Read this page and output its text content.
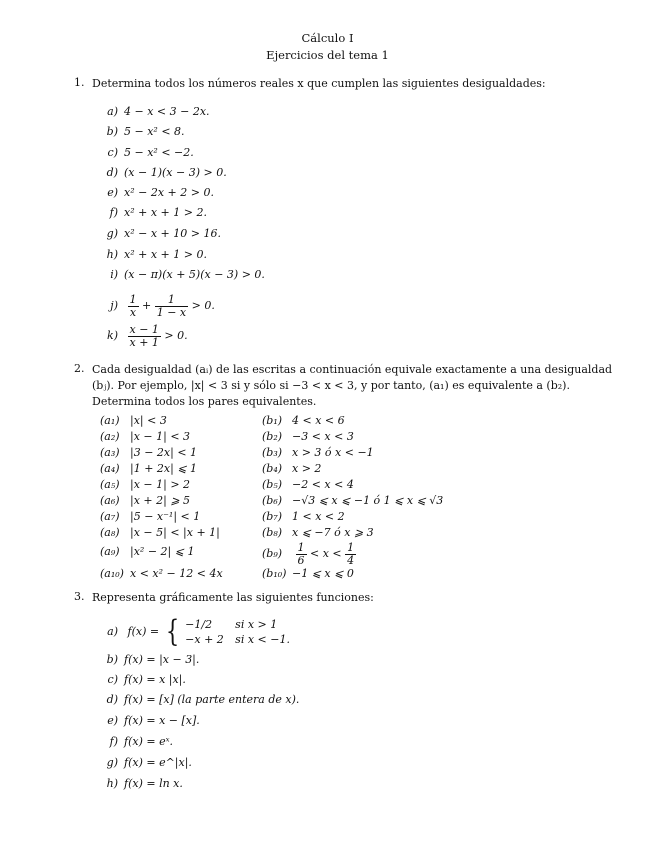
Cálculo I
Ejercicios del tema 1
1. Determina todos los números reales x que cumplen las siguientes desigualdades:
a) 4 − x < 3 − 2x.
b) 5 − x² < 8.
c) 5 − x² < −2.
d) (x − 1)(x − 3) > 0.
e) x² − 2x + 2 > 0.
f) x² + x + 1 > 2.
g) x² − x + 10 > 16.
h) x² + x + 1 > 0.
i) (x − π)(x + 5)(x − 3) > 0.
$j) \frac{1}{x} + \frac{1}{1 - x} > 0$.
$k) \frac{x - 1}{x + 1} > 0$.
2. Cada desigualdad (aᵢ) de las escritas a continuación equivale exactamente a una desigualdad (bⱼ). Por ejemplo, |x| < 3 si y sólo si −3 < x < 3, y por tanto, (a₁) es equivalente a (b₂). Determina todos los pares equivalentes.
(a₁) |x| < 3
(a₂) |x − 1| < 3
(a₃) |3 − 2x| < 1
(a₄) |1 + 2x| ⩽ 1
(a₅) |x − 1| > 2
(a₆) |x + 2| ⩾ 5
(a₇) |5 − x⁻¹| < 1
(a₈) |x − 5| < |x + 1|
(a₉) |x² − 2| ⩽ 1
(a₁₀) x < x² − 12 < 4x
(b₁) 4 < x < 6
(b₂) −3 < x < 3
(b₃) x > 3 ó x < −1
(b₄) x > 2
(b₅) −2 < x < 4
(b₆) −√3 ⩽ x ⩽ −1 ó 1 ⩽ x ⩽ √3
(b₇) 1 < x < 2
(b₈) x ⩽ −7 ó x ⩾ 3
(b₁₀) −1 ⩽ x ⩽ 0
$(b_9) \frac{1}{6} < x < \frac{1}{4}$
3. Representa gráficamente las siguientes funciones:
a) f(x) = { −1/2 si x > 1
−x + 2 si x < −1.
b) f(x) = |x − 3|.
c) f(x) = x |x|.
d) f(x) = [x] (la parte entera de x).
e) f(x) = x − [x].
f) f(x) = eˣ.
g) f(x) = e^|x|.
h) f(x) = ln x.
